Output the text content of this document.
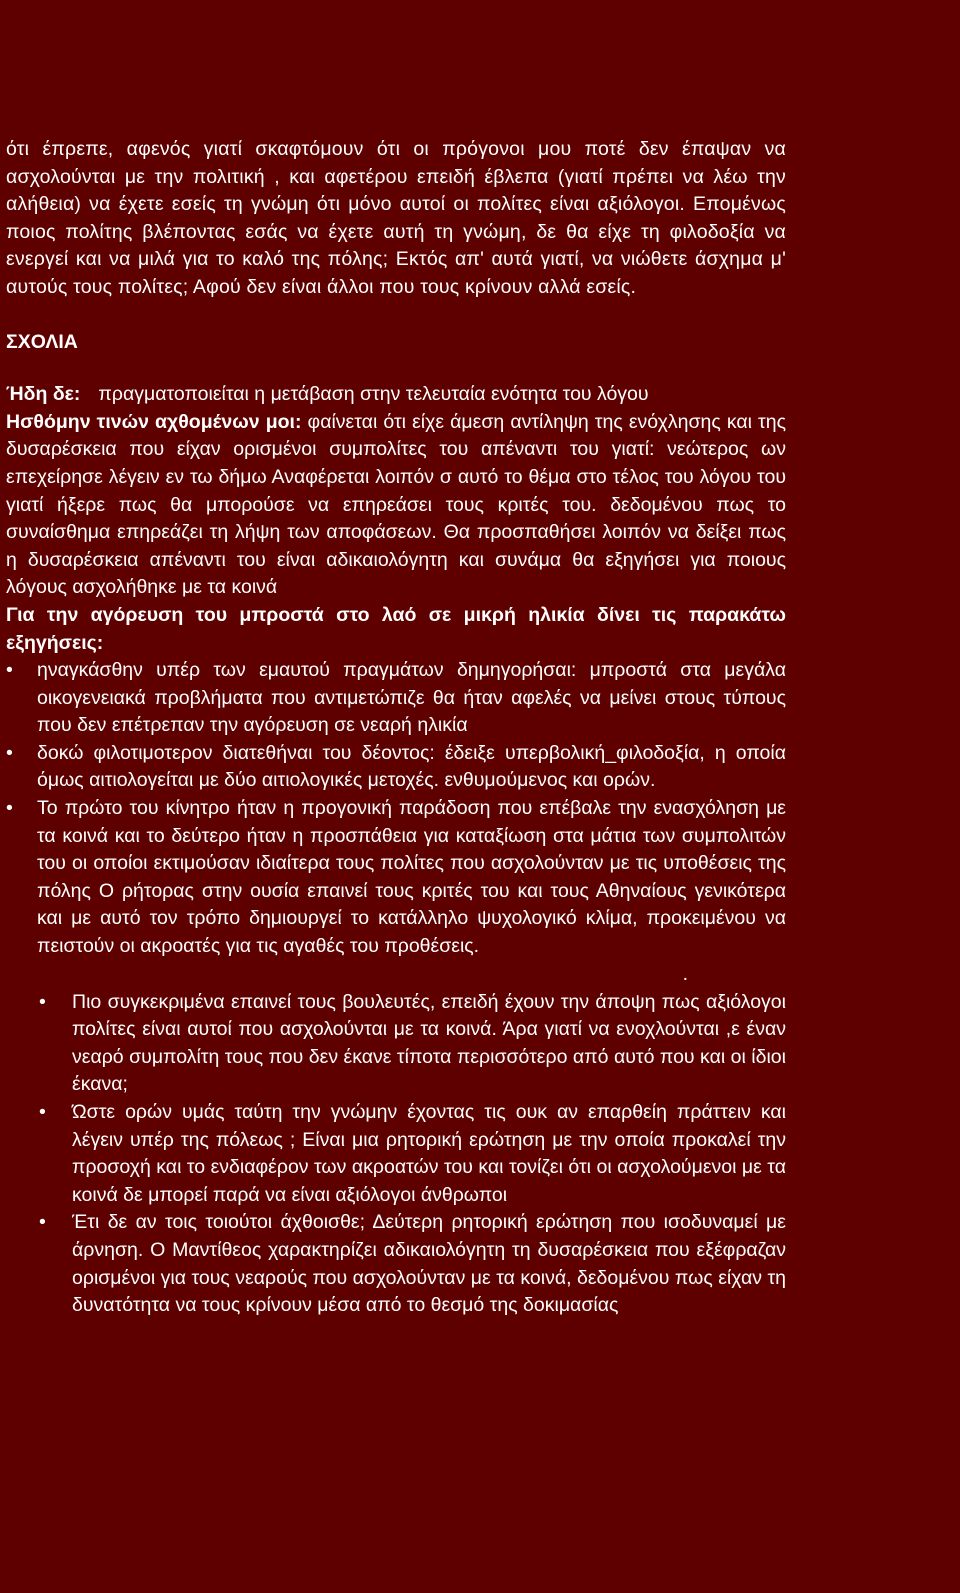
ότι έπρεπε, αφενός γιατί σκαφτόμουν ότι οι πρόγονοι μου ποτέ δεν έπαψαν να ασχολούνται με την πολιτική , και αφετέρου επειδή έβλεπα (γιατί πρέπει να λέω την αλήθεια) να έχετε εσείς τη γνώμη ότι μόνο αυτοί οι πολίτες είναι αξιόλογοι. Επομένως ποιος πολίτης βλέποντας εσάς να έχετε αυτή τη γνώμη, δε θα είχε τη φιλοδοξία να ενεργεί και να μιλά για το καλό της πόλης; Εκτός απ' αυτά γιατί, να νιώθετε άσχημα μ' αυτούς τους πολίτες; Αφού δεν είναι άλλοι που τους κρίνουν αλλά εσείς.

ΣΧΟΛΙΑ

Ήδη δε: πραγματοποιείται η μετάβαση στην τελευταία ενότητα του λόγου

Ησθόμην τινών αχθομένων μοι: φαίνεται ότι είχε άμεση αντίληψη της ενόχλησης και της δυσαρέσκεια που είχαν ορισμένοι συμπολίτες του απέναντι του γιατί: νεώτερος ων επεχείρησε λέγειν εν τω δήμω Αναφέρεται λοιπόν σ αυτό το θέμα στο τέλος του λόγου του γιατί ήξερε πως θα μπορούσε να επηρεάσει τους κριτές του. δεδομένου πως το συναίσθημα επηρεάζει τη λήψη των αποφάσεων. Θα προσπαθήσει λοιπόν να δείξει πως η δυσαρέσκεια απέναντι του είναι αδικαιολόγητη και συνάμα θα εξηγήσει για ποιους λόγους ασχολήθηκε με τα κοινά

Για την αγόρευση του μπροστά στο λαό σε μικρή ηλικία δίνει τις παρακάτω εξηγήσεις:

• ηναγκάσθην υπέρ των εμαυτού πραγμάτων δημηγορήσαι: μπροστά στα μεγάλα οικογενειακά προβλήματα που αντιμετώπιζε θα ήταν αφελές να μείνει στους τύπους που δεν επέτρεπαν την αγόρευση σε νεαρή ηλικία
• δοκώ φιλοτιμοτερον διατεθήναι του δέοντος: έδειξε υπερβολική_φιλοδοξία, η οποία όμως αιτιολογείται με δύο αιτιολογικές μετοχές. ενθυμούμενος και ορών.
• Το πρώτο του κίνητρο ήταν η προγονική παράδοση που επέβαλε την ενασχόληση με τα κοινά και το δεύτερο ήταν η προσπάθεια για καταξίωση στα μάτια των συμπολιτών του οι οποίοι εκτιμούσαν ιδιαίτερα τους πολίτες που ασχολούνταν με τις υποθέσεις της πόλης Ο ρήτορας στην ουσία επαινεί τους κριτές του και τους Αθηναίους γενικότερα και με αυτό τον τρόπο δημιουργεί το κατάλληλο ψυχολογικό κλίμα, προκειμένου να πειστούν οι ακροατές για τις αγαθές του προθέσεις.
.
• Πιο συγκεκριμένα επαινεί τους βουλευτές, επειδή έχουν την άποψη πως αξιόλογοι πολίτες είναι αυτοί που ασχολούνται με τα κοινά. Άρα γιατί να ενοχλούνται ,ε έναν νεαρό συμπολίτη τους που δεν έκανε τίποτα περισσότερο από αυτό που και οι ίδιοι έκανα;
• Ώστε ορών υμάς ταύτη την γνώμην έχοντας τις ουκ αν επαρθείη πράττειν και λέγειν υπέρ της πόλεως ; Είναι μια ρητορική ερώτηση με την οποία προκαλεί την προσοχή και το ενδιαφέρον των ακροατών του και τονίζει ότι οι ασχολούμενοι με τα κοινά δε μπορεί παρά να είναι αξιόλογοι άνθρωποι
• Έτι δε αν τοις τοιούτοι άχθοισθε; Δεύτερη ρητορική ερώτηση που ισοδυναμεί με άρνηση. Ο Μαντίθεος χαρακτηρίζει αδικαιολόγητη τη δυσαρέσκεια που εξέφραζαν ορισμένοι για τους νεαρούς που ασχολούνταν με τα κοινά, δεδομένου πως είχαν τη δυνατότητα να τους κρίνουν μέσα από το θεσμό της δοκιμασίας
